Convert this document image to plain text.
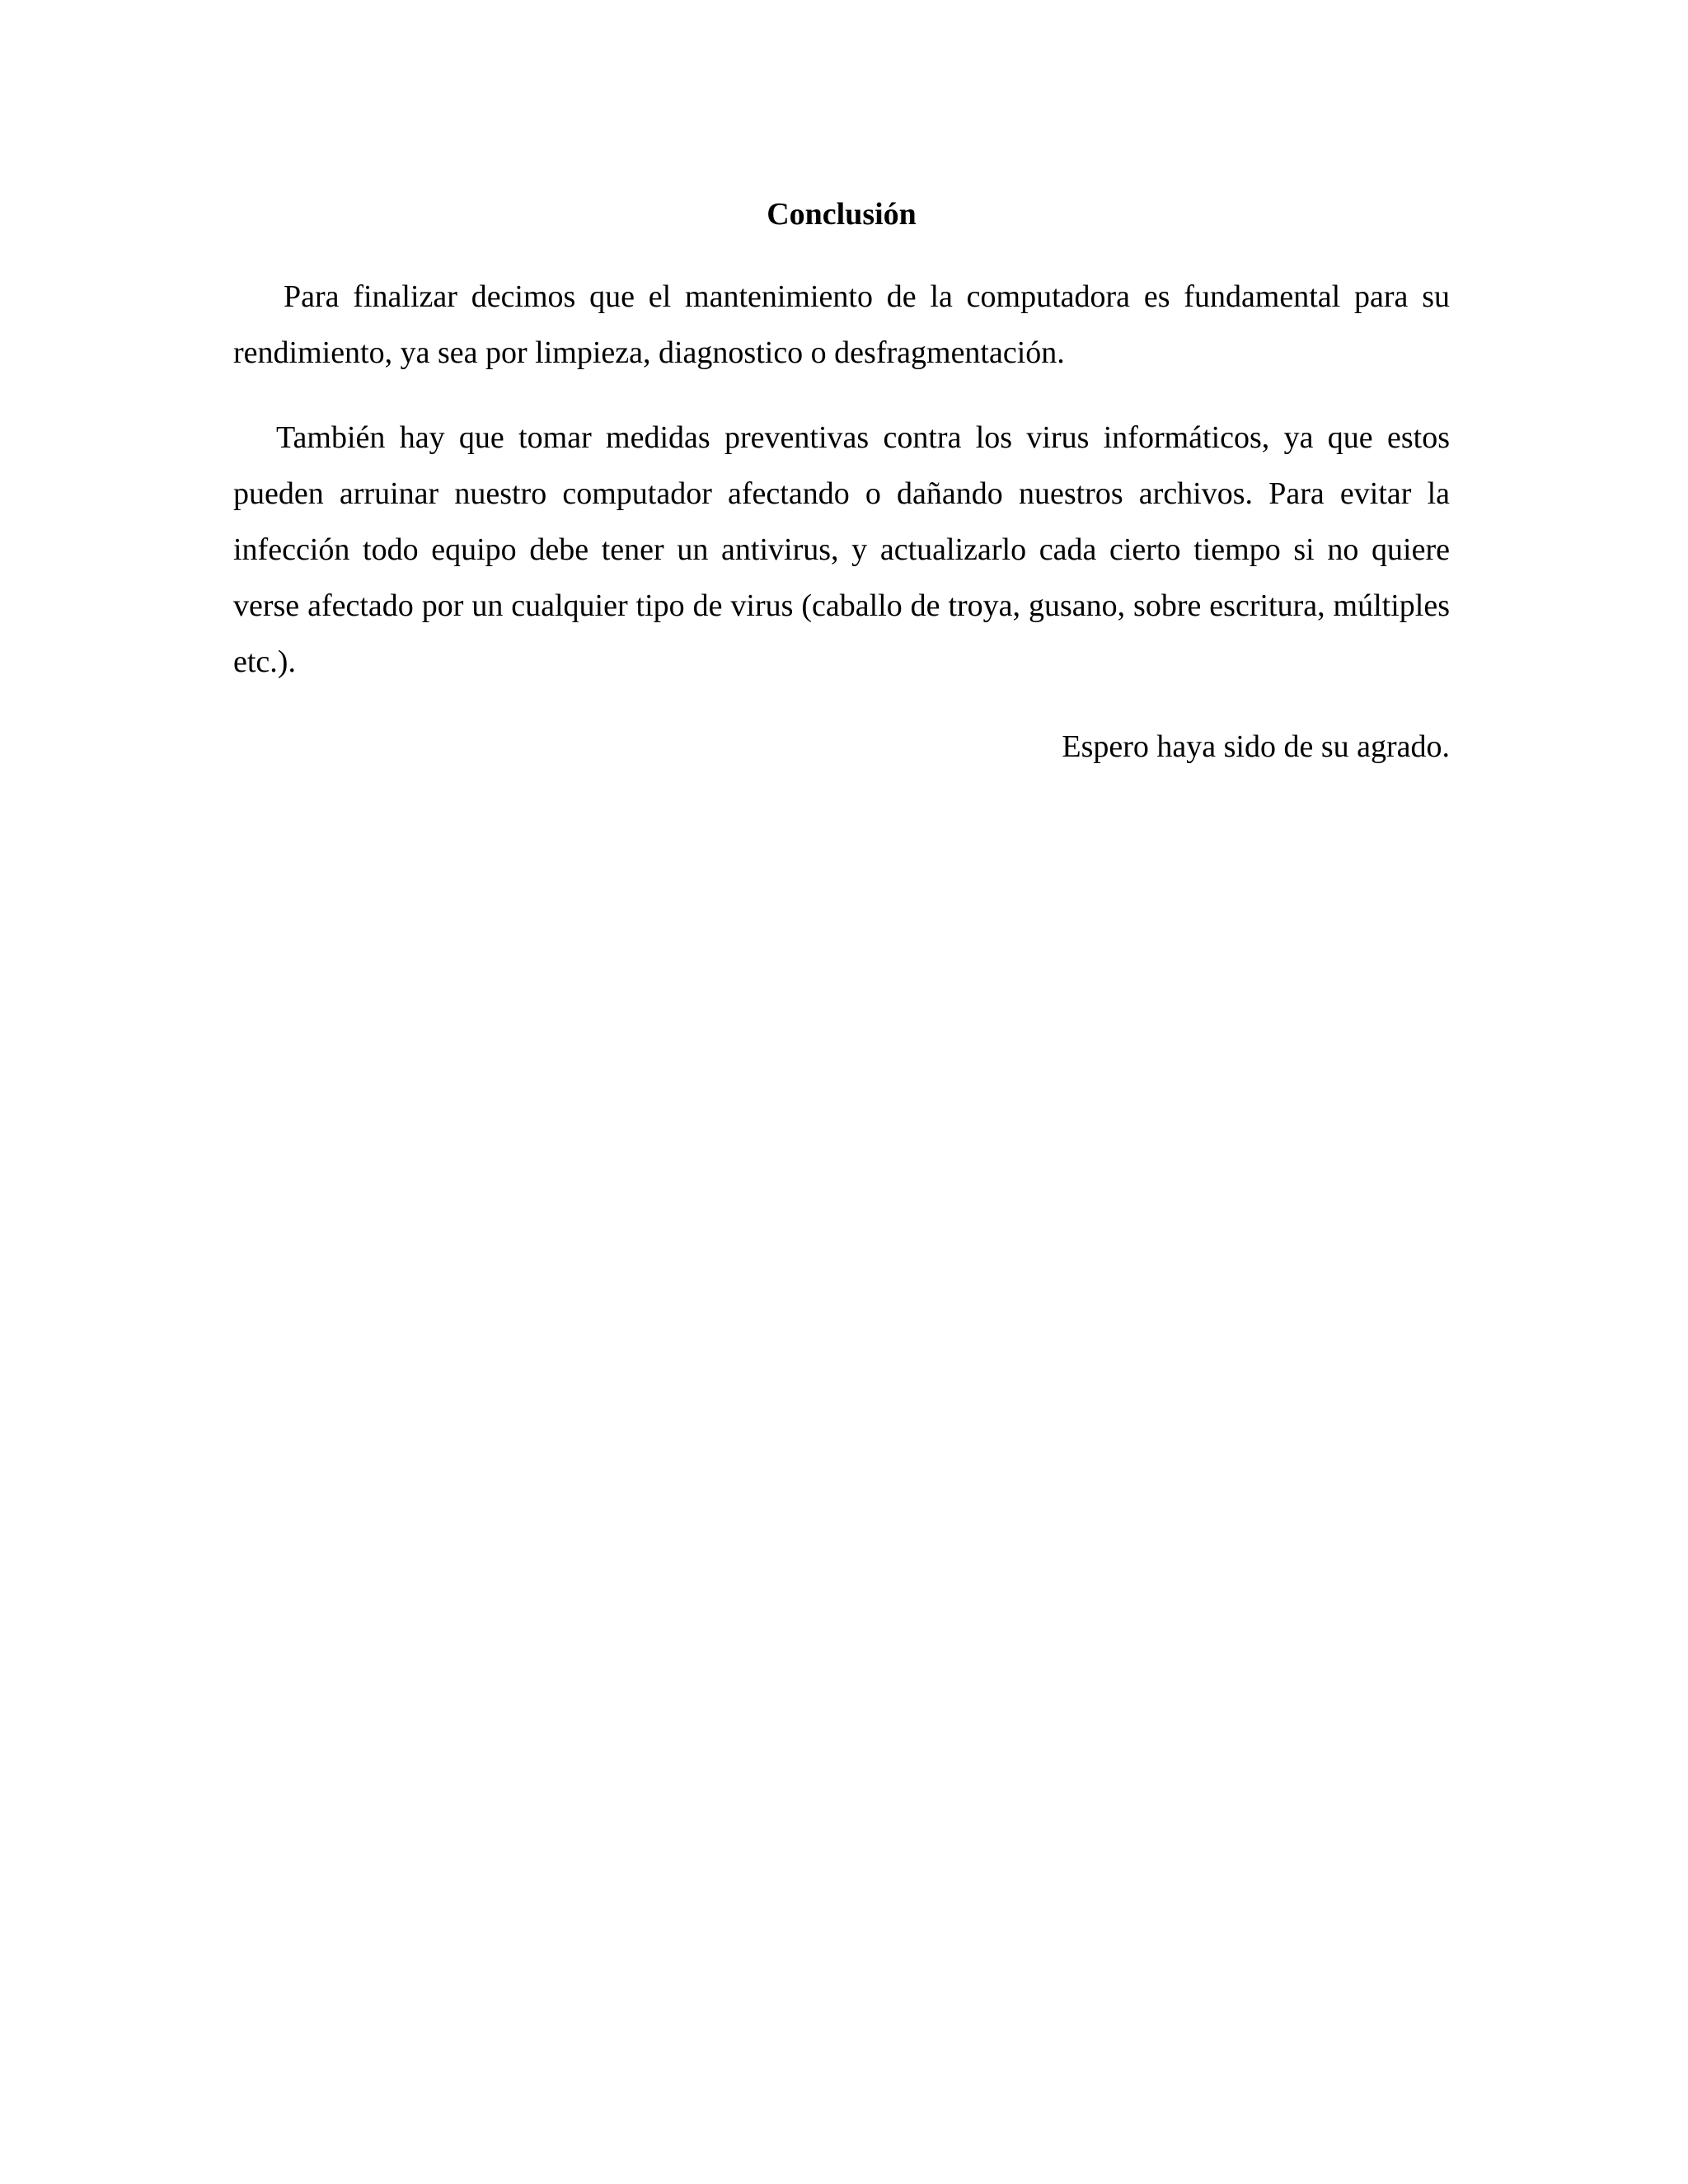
Conclusión

Para finalizar decimos que el mantenimiento de la computadora es fundamental para su rendimiento, ya sea por limpieza, diagnostico o desfragmentación.

También hay que tomar medidas preventivas contra los virus informáticos, ya que estos pueden arruinar nuestro computador afectando o dañando nuestros archivos. Para evitar la infección todo equipo debe tener un antivirus, y actualizarlo cada cierto tiempo si no quiere verse afectado por un cualquier tipo de virus (caballo de troya, gusano, sobre escritura, múltiples etc.).

Espero haya sido de su agrado.
